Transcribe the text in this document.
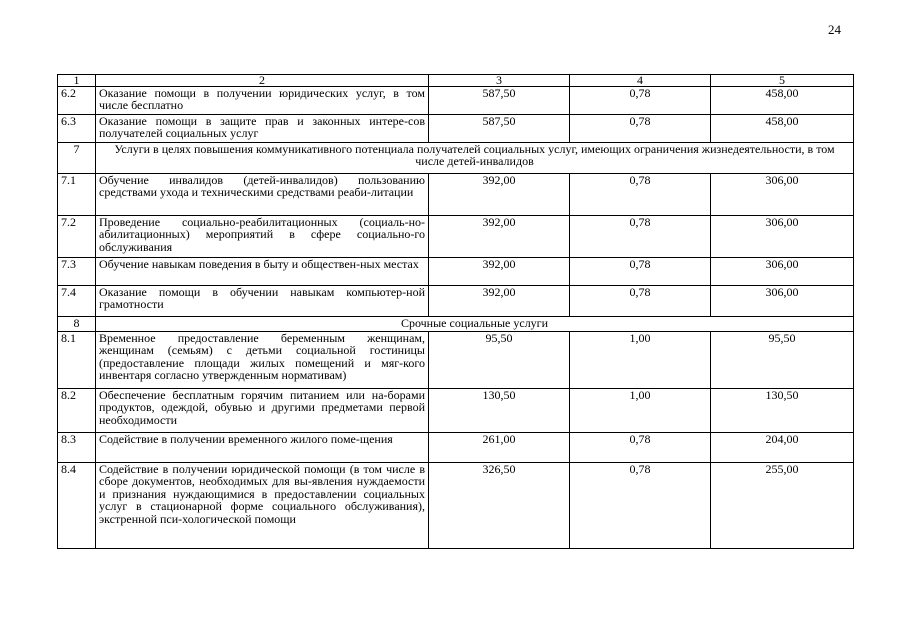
24
1	2	3	4	5
6.2	Оказание помощи в получении юридических услуг, в том числе бесплатно	587,50	0,78	458,00
6.3	Оказание помощи в защите прав и законных интере-сов получателей социальных услуг	587,50	0,78	458,00
7	Услуги в целях повышения коммуникативного потенциала получателей социальных услуг, имеющих ограничения жизнедеятельности, в том числе детей-инвалидов			
7.1	Обучение инвалидов (детей-инвалидов) пользованию средствами ухода и техническими средствами реаби-литации	392,00	0,78	306,00
7.2	Проведение социально-реабилитационных (социаль-но-абилитационных) мероприятий в сфере социально-го обслуживания	392,00	0,78	306,00
7.3	Обучение навыкам поведения в быту и обществен-ных местах	392,00	0,78	306,00
7.4	Оказание помощи в обучении навыкам компьютер-ной грамотности	392,00	0,78	306,00
8	Срочные социальные услуги			
8.1	Временное предоставление беременным женщинам, женщинам (семьям) с детьми социальной гостиницы (предоставление площади жилых помещений и мяг-кого инвентаря согласно утвержденным нормативам)	95,50	1,00	95,50
8.2	Обеспечение бесплатным горячим питанием или на-борами продуктов, одеждой, обувью и другими предметами первой необходимости	130,50	1,00	130,50
8.3	Содействие в получении временного жилого поме-щения	261,00	0,78	204,00
8.4	Содействие в получении юридической помощи (в том числе в сборе документов, необходимых для вы-явления нуждаемости и признания нуждающимися в предоставлении социальных услуг в стационарной форме социального обслуживания), экстренной пси-хологической помощи	326,50	0,78	255,00
